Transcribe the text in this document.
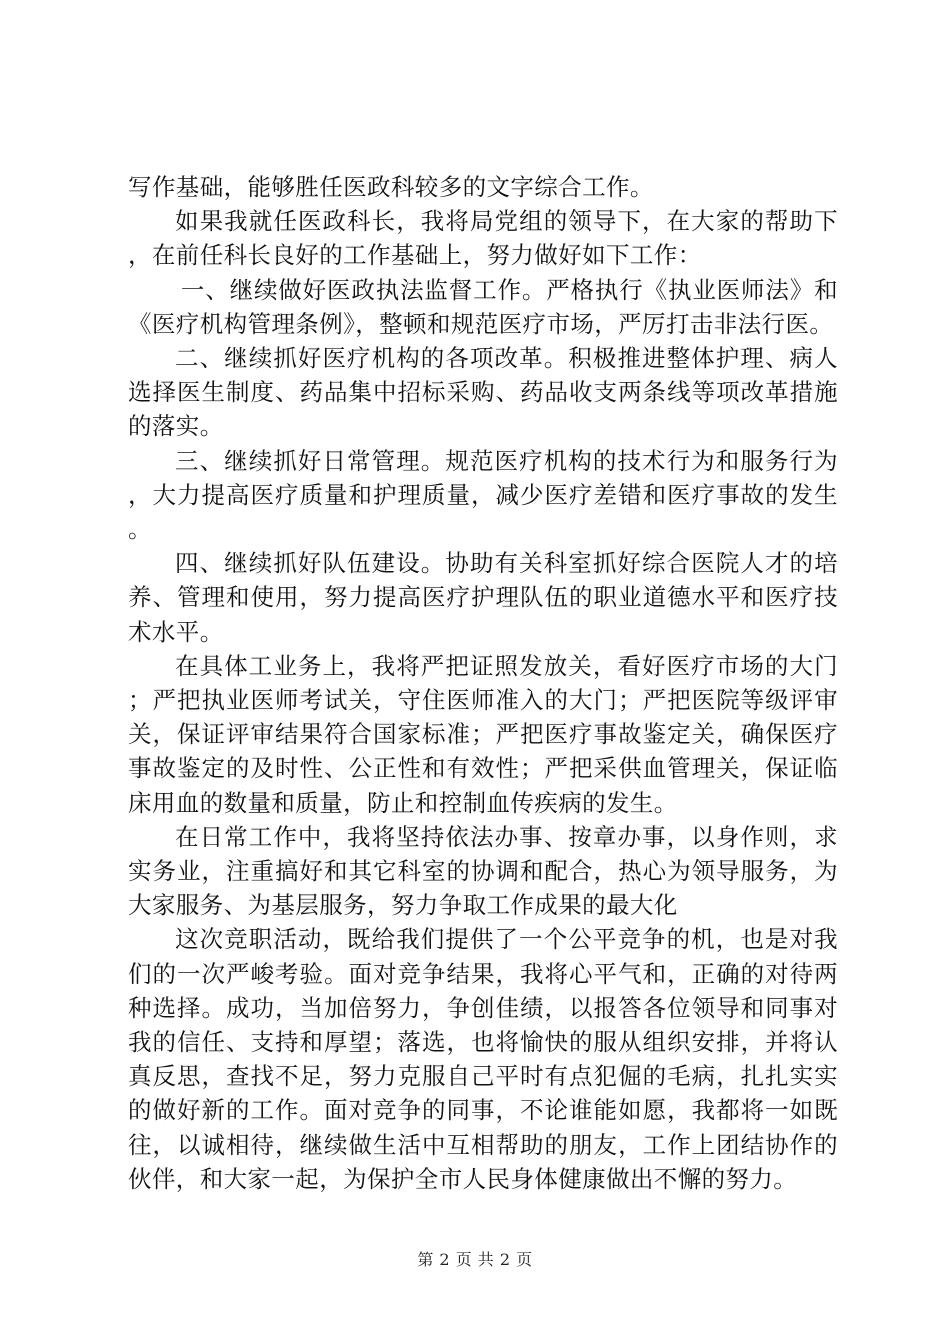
写作基础，能够胜任医政科较多的文字综合工作。

如果我就任医政科长，我将局党组的领导下，在大家的帮助下，在前任科长良好的工作基础上，努力做好如下工作：

一、继续做好医政执法监督工作。严格执行《执业医师法》和《医疗机构管理条例》，整顿和规范医疗市场，严厉打击非法行医。

二、继续抓好医疗机构的各项改革。积极推进整体护理、病人选择医生制度、药品集中招标采购、药品收支两条线等项改革措施的落实。

三、继续抓好日常管理。规范医疗机构的技术行为和服务行为，大力提高医疗质量和护理质量，减少医疗差错和医疗事故的发生。

四、继续抓好队伍建设。协助有关科室抓好综合医院人才的培养、管理和使用，努力提高医疗护理队伍的职业道德水平和医疗技术水平。

在具体工业务上，我将严把证照发放关，看好医疗市场的大门；严把执业医师考试关，守住医师准入的大门；严把医院等级评审关，保证评审结果符合国家标准；严把医疗事故鉴定关，确保医疗事故鉴定的及时性、公正性和有效性；严把采供血管理关，保证临床用血的数量和质量，防止和控制血传疾病的发生。

在日常工作中，我将坚持依法办事、按章办事，以身作则，求实务业，注重搞好和其它科室的协调和配合，热心为领导服务，为大家服务、为基层服务，努力争取工作成果的最大化

这次竞职活动，既给我们提供了一个公平竞争的机，也是对我们的一次严峻考验。面对竞争结果，我将心平气和，正确的对待两种选择。成功，当加倍努力，争创佳绩，以报答各位领导和同事对我的信任、支持和厚望；落选，也将愉快的服从组织安排，并将认真反思，查找不足，努力克服自己平时有点犯倔的毛病，扎扎实实的做好新的工作。面对竞争的同事，不论谁能如愿，我都将一如既往，以诚相待，继续做生活中互相帮助的朋友，工作上团结协作的伙伴，和大家一起，为保护全市人民身体健康做出不懈的努力。

第 2 页 共 2 页
